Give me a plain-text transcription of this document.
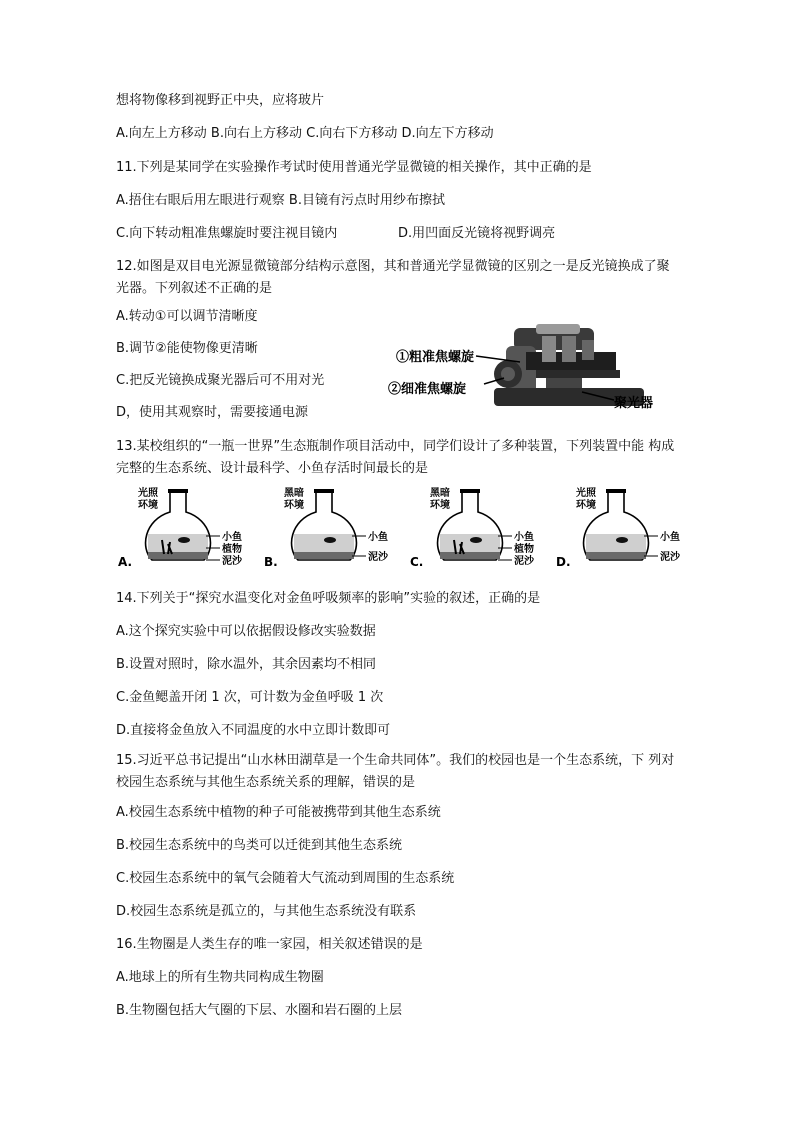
想将物像移到视野正中央，应将玻片
A.向左上方移动 B.向右上方移动 C.向右下方移动 D.向左下方移动
11.下列是某同学在实验操作考试时使用普通光学显微镜的相关操作，其中正确的是
A.捂住右眼后用左眼进行观察 B.目镜有污点时用纱布擦拭
C.向下转动粗准焦螺旋时要注视目镜内	D.用凹面反光镜将视野调亮
12.如图是双目电光源显微镜部分结构示意图，其和普通光学显微镜的区别之一是反光镜换成了聚光器。下列叙述不正确的是
A.转动①可以调节清晰度
B.调节②能使物像更清晰
C.把反光镜换成聚光器后可不用对光
D，使用其观察时，需要接通电源
①粗准焦螺旋
②细准焦螺旋
聚光器
13.某校组织的“一瓶一世界”生态瓶制作项目活动中，同学们设计了多种装置，下列装置中能 构成完整的生态系统、设计最科学、小鱼存活时间最长的是
光照
环境
A.
小鱼
植物
泥沙
黑暗
环境
B.
小鱼
泥沙
黑暗
环境
C.
小鱼
植物
泥沙
光照
环境
D.
小鱼
泥沙
14.下列关于“探究水温变化对金鱼呼吸频率的影响”实验的叙述，正确的是
A.这个探究实验中可以依据假设修改实验数据
B.设置对照时，除水温外，其余因素均不相同
C.金鱼鳃盖开闭 1 次，可计数为金鱼呼吸 1 次
D.直接将金鱼放入不同温度的水中立即计数即可
15.习近平总书记提出“山水林田湖草是一个生命共同体”。我们的校园也是一个生态系统，下 列对校园生态系统与其他生态系统关系的理解，错误的是
A.校园生态系统中植物的种子可能被携带到其他生态系统
B.校园生态系统中的鸟类可以迁徙到其他生态系统
C.校园生态系统中的氧气会随着大气流动到周围的生态系统
D.校园生态系统是孤立的，与其他生态系统没有联系
16.生物圈是人类生存的唯一家园，相关叙述错误的是
A.地球上的所有生物共同构成生物圈
B.生物圈包括大气圈的下层、水圈和岩石圈的上层
